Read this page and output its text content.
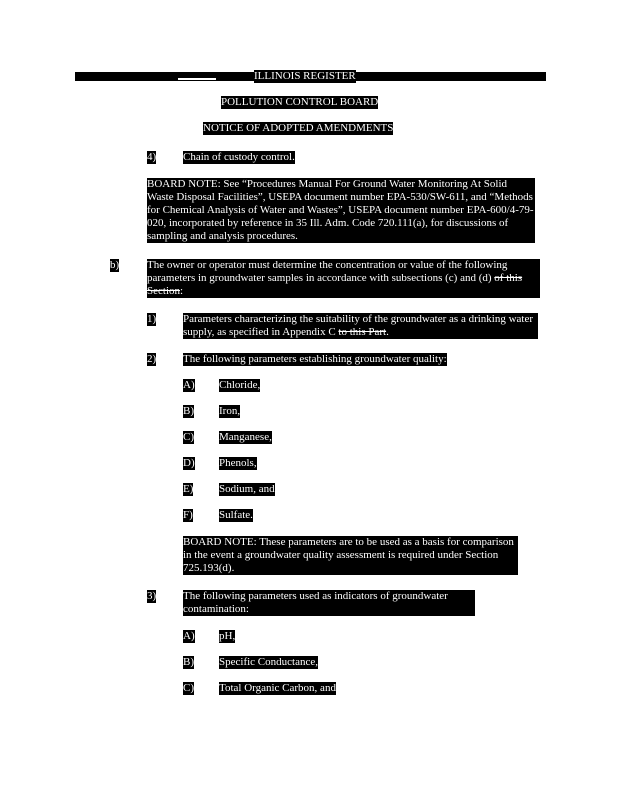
ILLINOIS REGISTER
POLLUTION CONTROL BOARD
NOTICE OF ADOPTED AMENDMENTS
4) Chain of custody control.
BOARD NOTE: See “Procedures Manual For Ground Water Monitoring At Solid Waste Disposal Facilities”, USEPA document number EPA-530/SW-611, and “Methods for Chemical Analysis of Water and Wastes”, USEPA document number EPA-600/4-79-020, incorporated by reference in 35 Ill. Adm. Code 720.111(a), for discussions of sampling and analysis procedures.
b)	The owner or operator must determine the concentration or value of the following parameters in groundwater samples in accordance with subsections (c) and (d) of this Section:
1) Parameters characterizing the suitability of the groundwater as a drinking water supply, as specified in Appendix C to this Part.
2) The following parameters establishing groundwater quality:
A) Chloride,
B) Iron,
C) Manganese,
D) Phenols,
E) Sodium, and
F) Sulfate.
BOARD NOTE: These parameters are to be used as a basis for comparison in the event a groundwater quality assessment is required under Section 725.193(d).
3) The following parameters used as indicators of groundwater contamination:
A) pH,
B) Specific Conductance,
C) Total Organic Carbon, and
